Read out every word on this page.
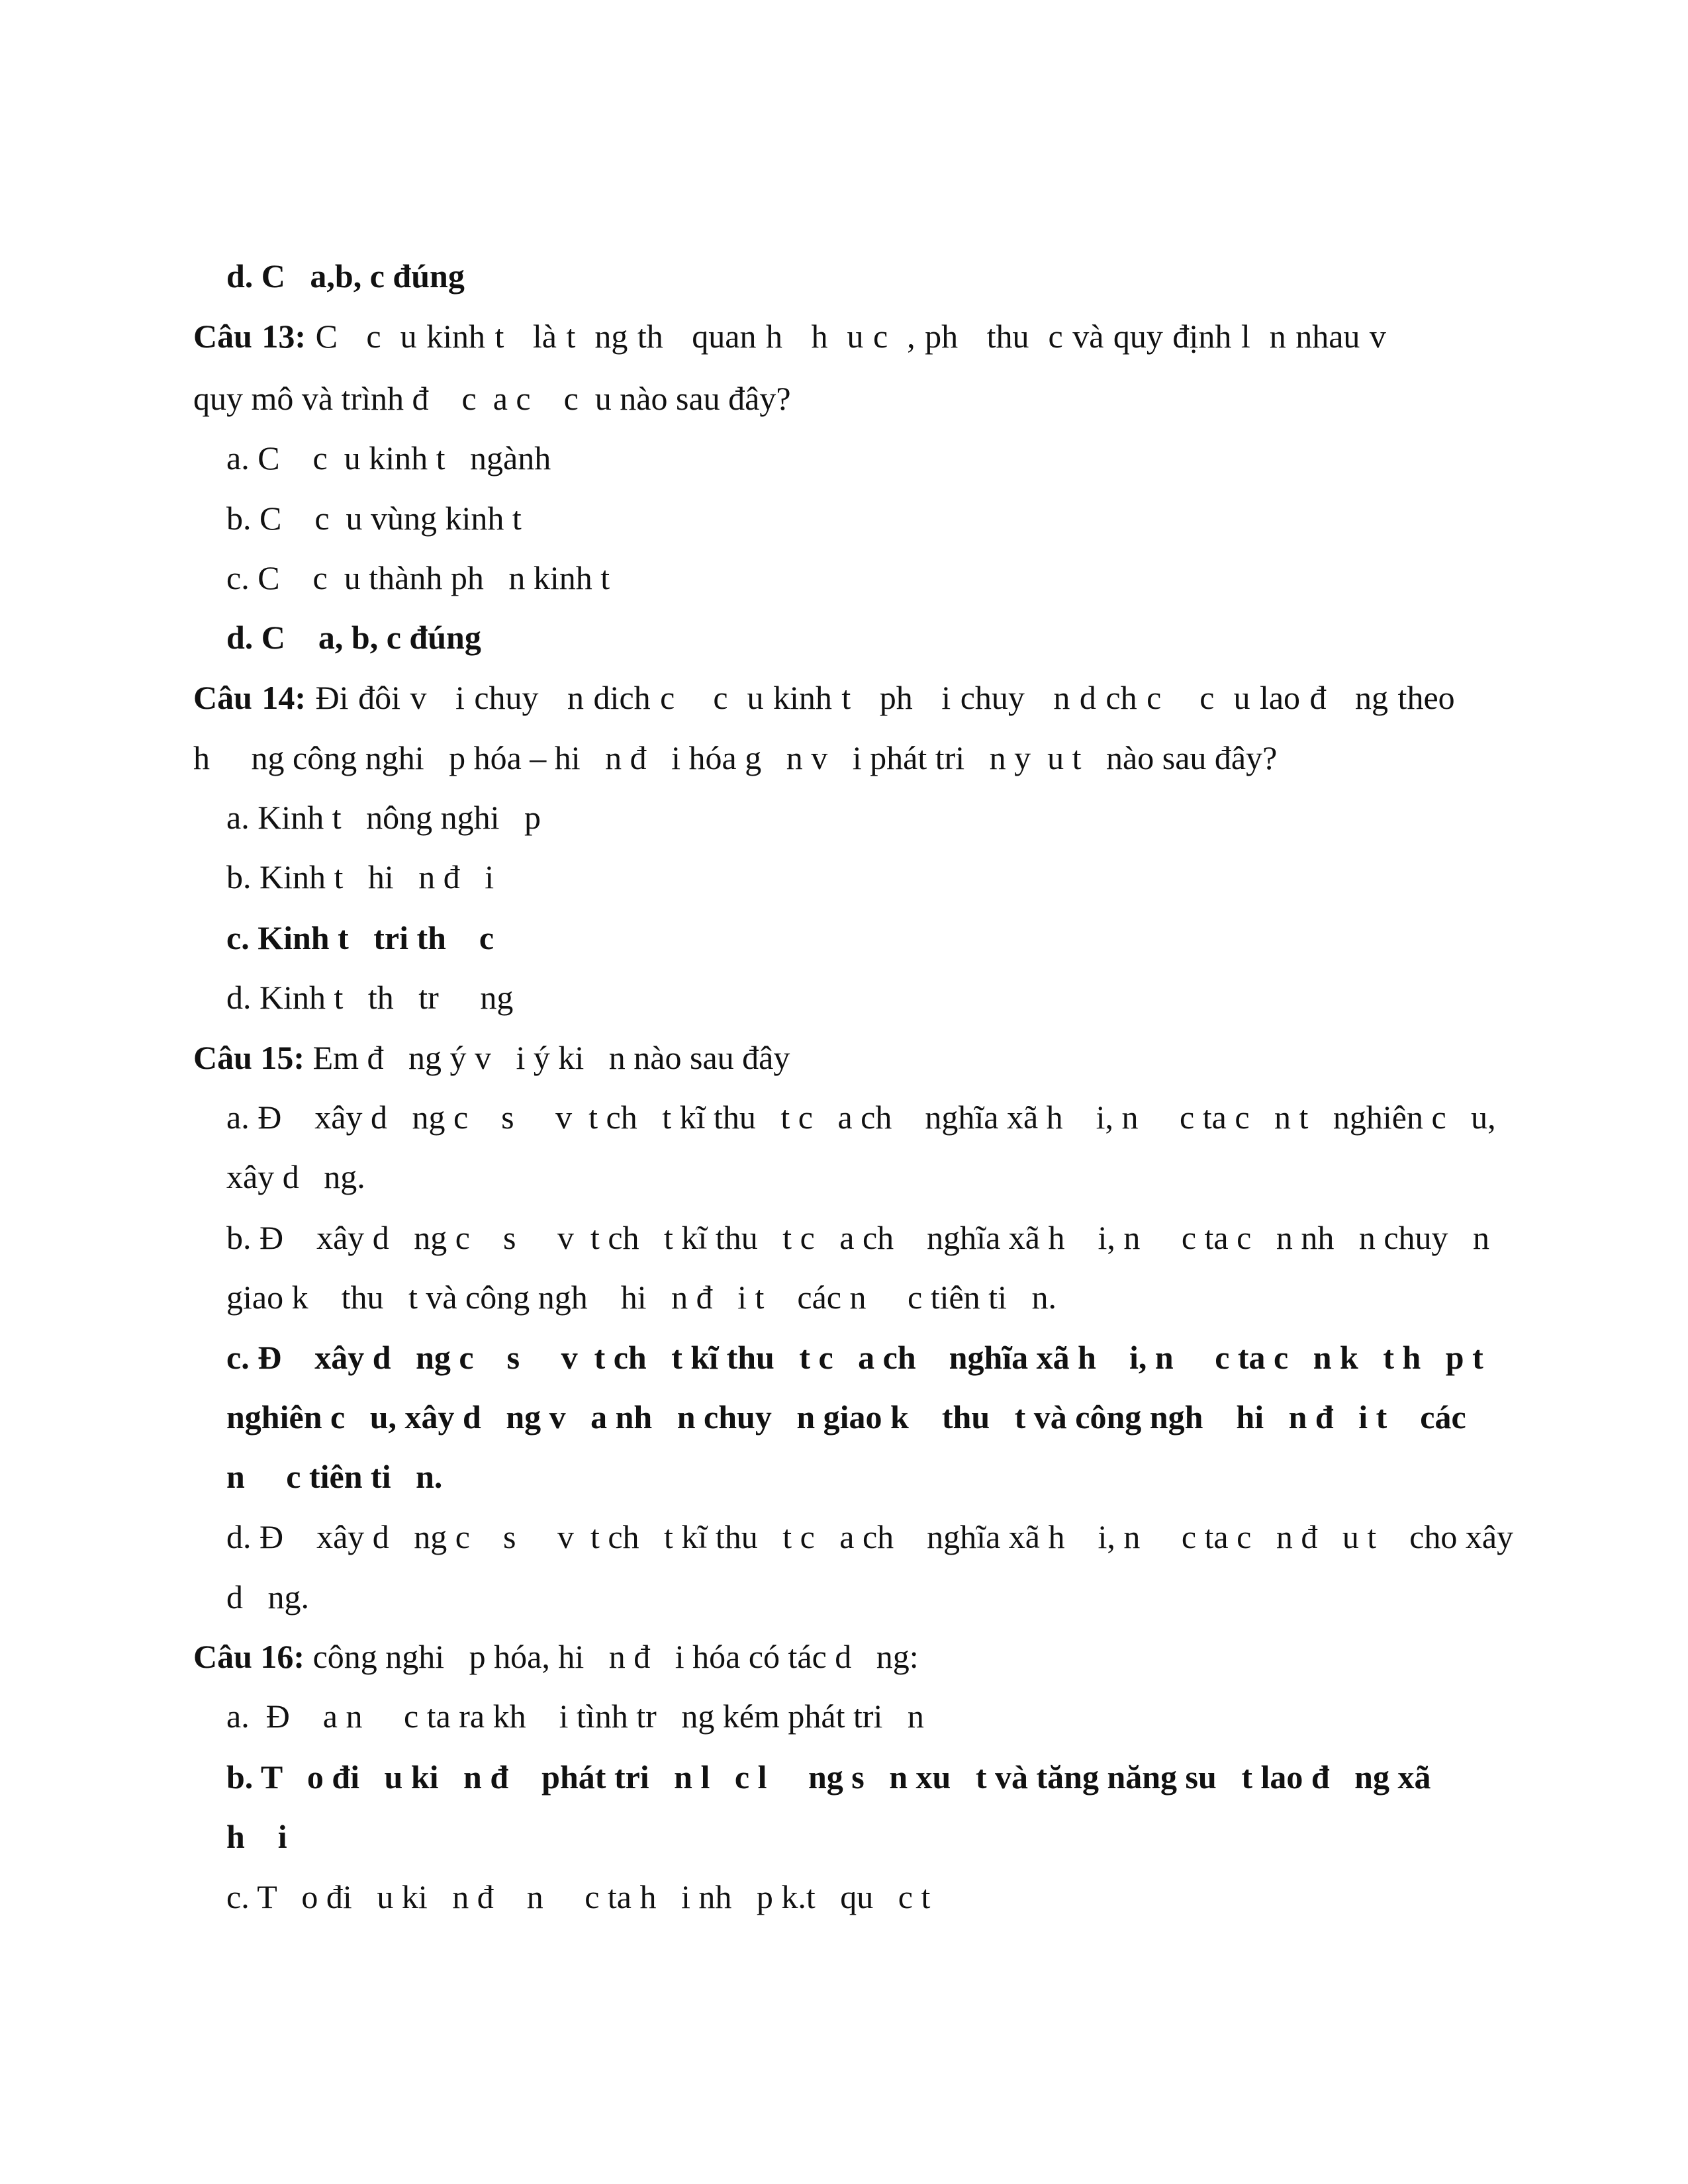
d. C   a,b, c đúng
Câu 13: C   c  u kinh t   là t  ng th   quan h   h  u c  , ph   thu  c và quy định l  n nhau v
quy mô và trình đ    c  a c    c  u nào sau đây?
a. C    c  u kinh t   ngành
b. C    c  u vùng kinh t
c. C    c  u thành ph   n kinh t
d. C    a, b, c đúng
Câu 14: Đi đôi v   i chuy   n dich c    c  u kinh t   ph   i chuy   n d ch c    c  u lao đ   ng theo
h     ng công nghi   p hóa – hi   n đ   i hóa g   n v   i phát tri   n y  u t   nào sau đây?
a. Kinh t   nông nghi   p
b. Kinh t   hi   n đ   i
c. Kinh t   tri th    c
d. Kinh t   th   tr     ng
Câu 15: Em đ   ng ý v   i ý ki   n nào sau đây
a. Đ    xây d   ng c    s     v  t ch   t kĩ thu   t c   a ch    nghĩa xã h    i, n     c ta c   n t   nghiên c   u,
xây d   ng.
b. Đ    xây d   ng c    s     v  t ch   t kĩ thu   t c   a ch    nghĩa xã h    i, n     c ta c   n nh   n chuy   n
giao k    thu   t và công ngh    hi   n đ   i t    các n     c tiên ti   n.
c. Đ    xây d   ng c    s     v  t ch   t kĩ thu   t c   a ch    nghĩa xã h    i, n     c ta c   n k   t h   p t
nghiên c   u, xây d   ng v   a nh   n chuy   n giao k    thu   t và công ngh    hi   n đ   i t    các
n     c tiên ti   n.
d. Đ    xây d   ng c    s     v  t ch   t kĩ thu   t c   a ch    nghĩa xã h    i, n     c ta c   n đ   u t    cho xây
d   ng.
Câu 16: công nghi   p hóa, hi   n đ   i hóa có tác d   ng:
a.  Đ    a n     c ta ra kh    i tình tr   ng kém phát tri   n
b. T   o đi   u ki   n đ    phát tri   n l   c l     ng s   n xu   t và tăng năng su   t lao đ   ng xã
h    i
c. T   o đi   u ki   n đ    n     c ta h   i nh   p k.t   qu   c t
